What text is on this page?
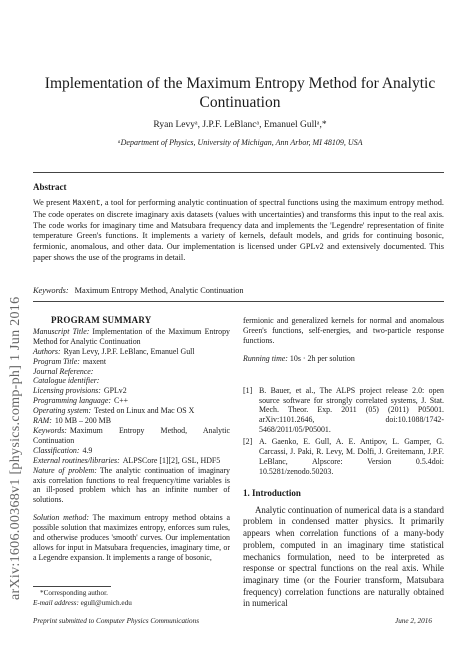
Implementation of the Maximum Entropy Method for Analytic Continuation
Ryan Levyᵃ, J.P.F. LeBlancᵃ, Emanuel Gullᵃ,*
ᵃDepartment of Physics, University of Michigan, Ann Arbor, MI 48109, USA
arXiv:1606.00368v1 [physics.comp-ph] 1 Jun 2016
Abstract
We present Maxent, a tool for performing analytic continuation of spectral functions using the maximum entropy method. The code operates on discrete imaginary axis datasets (values with uncertainties) and transforms this input to the real axis. The code works for imaginary time and Matsubara frequency data and implements the 'Legendre' representation of finite temperature Green's functions. It implements a variety of kernels, default models, and grids for continuing bosonic, fermionic, anomalous, and other data. Our implementation is licensed under GPLv2 and extensively documented. This paper shows the use of the programs in detail.
Keywords: Maximum Entropy Method, Analytic Continuation
PROGRAM SUMMARY

Manuscript Title: Implementation of the Maximum Entropy Method for Analytic Continuation

Authors: Ryan Levy, J.P.F. LeBlanc, Emanuel Gull

Program Title: maxent

Journal Reference:

Catalogue identifier:

Licensing provisions: GPLv2

Programming language: C++

Operating system: Tested on Linux and Mac OS X

RAM: 10 MB – 200 MB

Keywords: Maximum Entropy Method, Analytic Continuation

Classification: 4.9

External routines/libraries: ALPSCore [1][2], GSL, HDF5

Nature of problem: The analytic continuation of imaginary axis correlation functions to real frequency/time variables is an ill-posed problem which has an infinite number of solutions.

Solution method: The maximum entropy method obtains a possible solution that maximizes entropy, enforces sum rules, and otherwise produces 'smooth' curves. Our implementation allows for input in Matsubara frequencies, imaginary time, or a Legendre expansion. It implements a range of bosonic,

fermionic and generalized kernels for normal and anomalous Green's functions, self-energies, and two-particle response functions.

Running time: 10s · 2h per solution

[1] B. Bauer, et al., The ALPS project release 2.0: open source software for strongly correlated systems, J. Stat. Mech. Theor. Exp. 2011 (05) (2011) P05001. arXiv:1101.2646, doi:10.1088/1742-5468/2011/05/P05001.
[2] A. Gaenko, E. Gull, A. E. Antipov, L. Gamper, G. Carcassi, J. Paki, R. Levy, M. Dolfi, J. Greitemann, J.P.F. LeBlanc, Alpscore: Version 0.5.4doi: 10.5281/zenodo.50203.
1. Introduction
Analytic continuation of numerical data is a standard problem in condensed matter physics. It primarily appears when correlation functions of a many-body problem, computed in an imaginary time statistical mechanics formulation, need to be interpreted as response or spectral functions on the real axis. While imaginary time (or the Fourier transform, Matsubara frequency) correlation functions are naturally obtained in numerical
*Corresponding author.
E-mail address: egull@umich.edu
Preprint submitted to Computer Physics Communications	June 2, 2016
